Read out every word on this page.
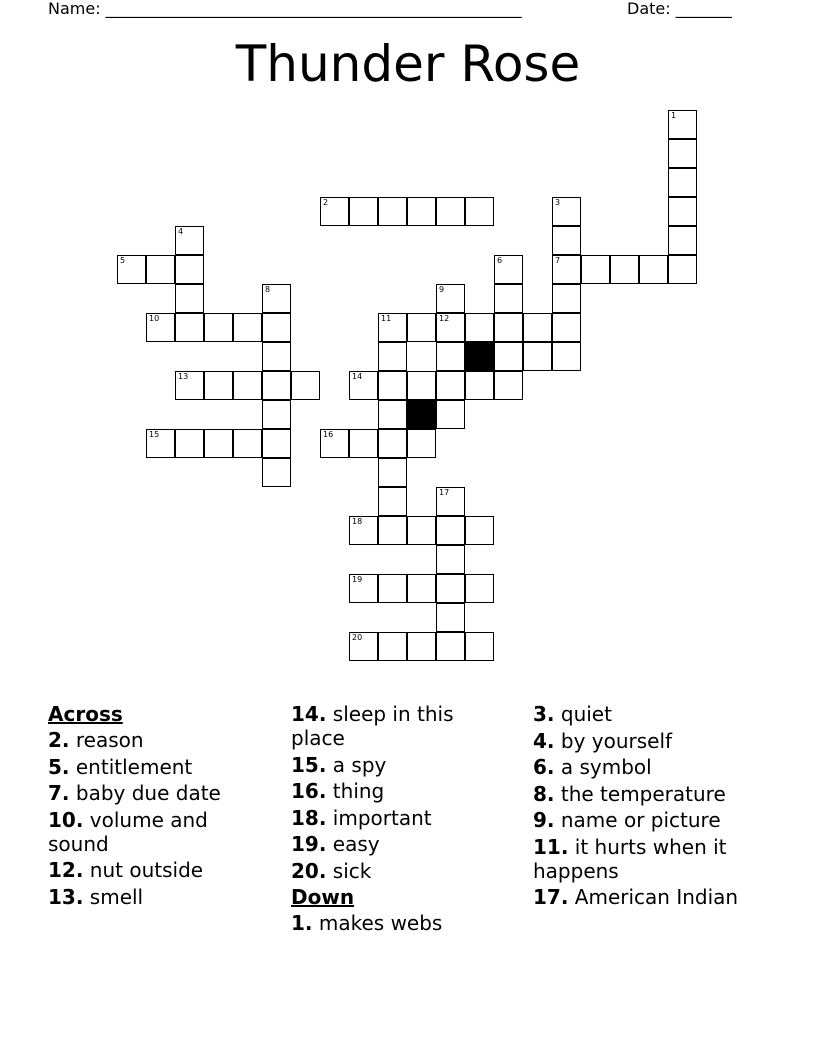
Name: ____________________________________________________	Date: _______
Thunder Rose
1
2	3
7
4
5	6
8	9
12
10	11
13	14
15	16
17
18
19
20
Across
2. reason
5. entitlement
7. baby due date
10. volume and sound
12. nut outside
13. smell
14. sleep in this place
15. a spy
16. thing
18. important
19. easy
20. sick
Down
1. makes webs
3. quiet
4. by yourself
6. a symbol
8. the temperature
9. name or picture
11. it hurts when it happens
17. American Indian
